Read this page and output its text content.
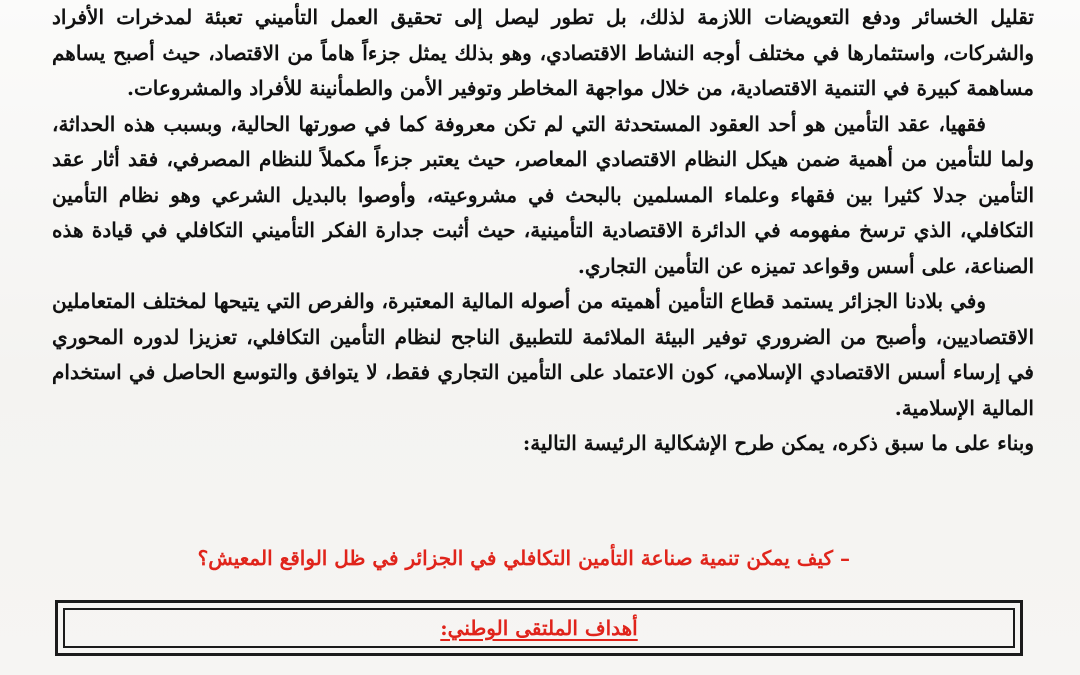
تقليل الخسائر ودفع التعويضات اللازمة لذلك، بل تطور ليصل إلى تحقيق العمل التأميني تعبئة لمدخرات الأفراد والشركات، واستثمارها في مختلف أوجه النشاط الاقتصادي، وهو بذلك يمثل جزءاً هاماً من الاقتصاد، حيث أصبح يساهم مساهمة كبيرة في التنمية الاقتصادية، من خلال مواجهة المخاطر وتوفير الأمن والطمأنينة للأفراد والمشروعات.

فقهيا، عقد التأمين هو أحد العقود المستحدثة التي لم تكن معروفة كما في صورتها الحالية، وبسبب هذه الحداثة، ولما للتأمين من أهمية ضمن هيكل النظام الاقتصادي المعاصر، حيث يعتبر جزءاً مكملاً للنظام المصرفي، فقد أثار عقد التأمين جدلا كثيرا بين فقهاء وعلماء المسلمين بالبحث في مشروعيته، وأوصوا بالبديل الشرعي وهو نظام التأمين التكافلي، الذي ترسخ مفهومه في الدائرة الاقتصادية التأمينية، حيث أثبت جدارة الفكر التأميني التكافلي في قيادة هذه الصناعة، على أسس وقواعد تميزه عن التأمين التجاري.

وفي بلادنا الجزائر يستمد قطاع التأمين أهميته من أصوله المالية المعتبرة، والفرص التي يتيحها لمختلف المتعاملين الاقتصاديين، وأصبح من الضروري توفير البيئة الملائمة للتطبيق الناجح لنظام التأمين التكافلي، تعزيزا لدوره المحوري في إرساء أسس الاقتصادي الإسلامي، كون الاعتماد على التأمين التجاري فقط، لا يتوافق والتوسع الحاصل في استخدام المالية الإسلامية.

وبناء على ما سبق ذكره، يمكن طرح الإشكالية الرئيسة التالية:

– كيف يمكن تنمية صناعة التأمين التكافلي في الجزائر في ظل الواقع المعيش؟
أهداف الملتقى الوطني:
